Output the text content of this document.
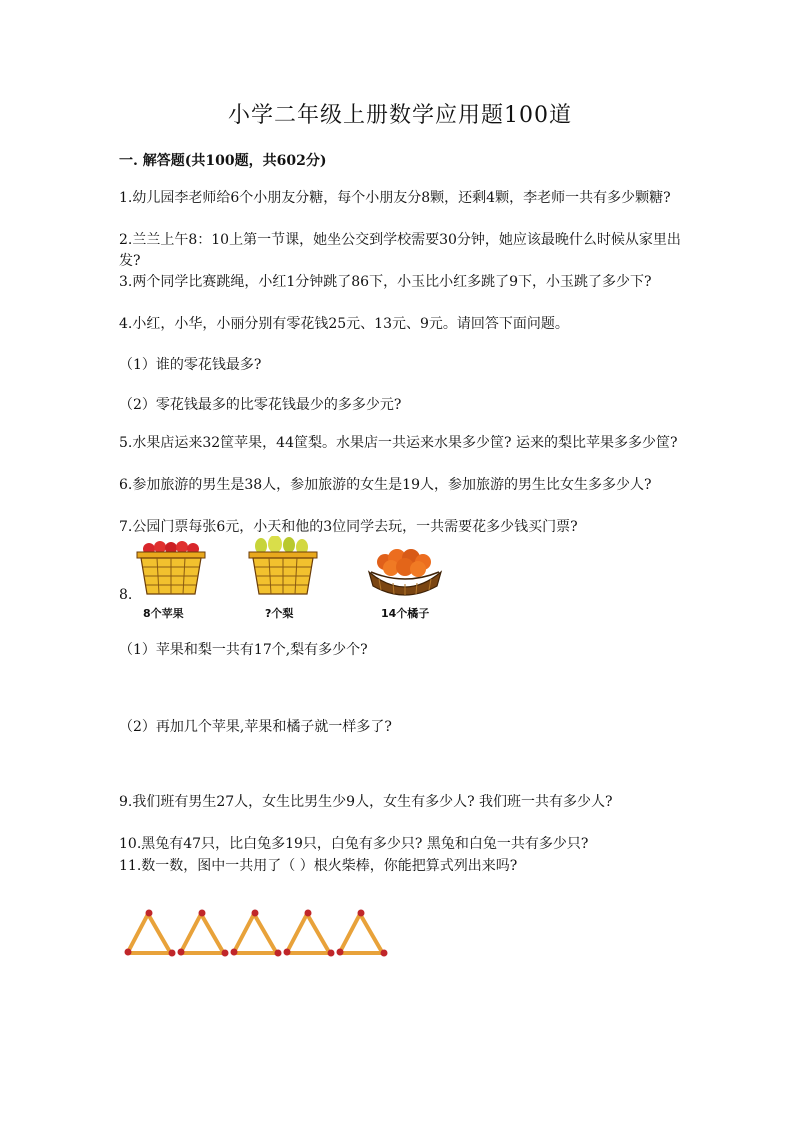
小学二年级上册数学应用题100道
一. 解答题(共100题，共602分)
1.幼儿园李老师给6个小朋友分糖，每个小朋友分8颗，还剩4颗，李老师一共有多少颗糖?
2.兰兰上午8：10上第一节课，她坐公交到学校需要30分钟，她应该最晚什么时候从家里出发?
3.两个同学比赛跳绳，小红1分钟跳了86下，小玉比小红多跳了9下，小玉跳了多少下?
4.小红，小华，小丽分别有零花钱25元、13元、9元。请回答下面问题。
（1）谁的零花钱最多?
（2）零花钱最多的比零花钱最少的多多少元?
5.水果店运来32筐苹果，44筐梨。水果店一共运来水果多少筐? 运来的梨比苹果多多少筐?
6.参加旅游的男生是38人，参加旅游的女生是19人，参加旅游的男生比女生多多少人?
7.公园门票每张6元，小天和他的3位同学去玩，一共需要花多少钱买门票?
8.
8个苹果	?个梨	14个橘子
（1）苹果和梨一共有17个,梨有多少个?
（2）再加几个苹果,苹果和橘子就一样多了?
9.我们班有男生27人，女生比男生少9人，女生有多少人? 我们班一共有多少人?
10.黑兔有47只，比白兔多19只，白兔有多少只? 黑兔和白兔一共有多少只?
11.数一数，图中一共用了（ ）根火柴棒，你能把算式列出来吗?
